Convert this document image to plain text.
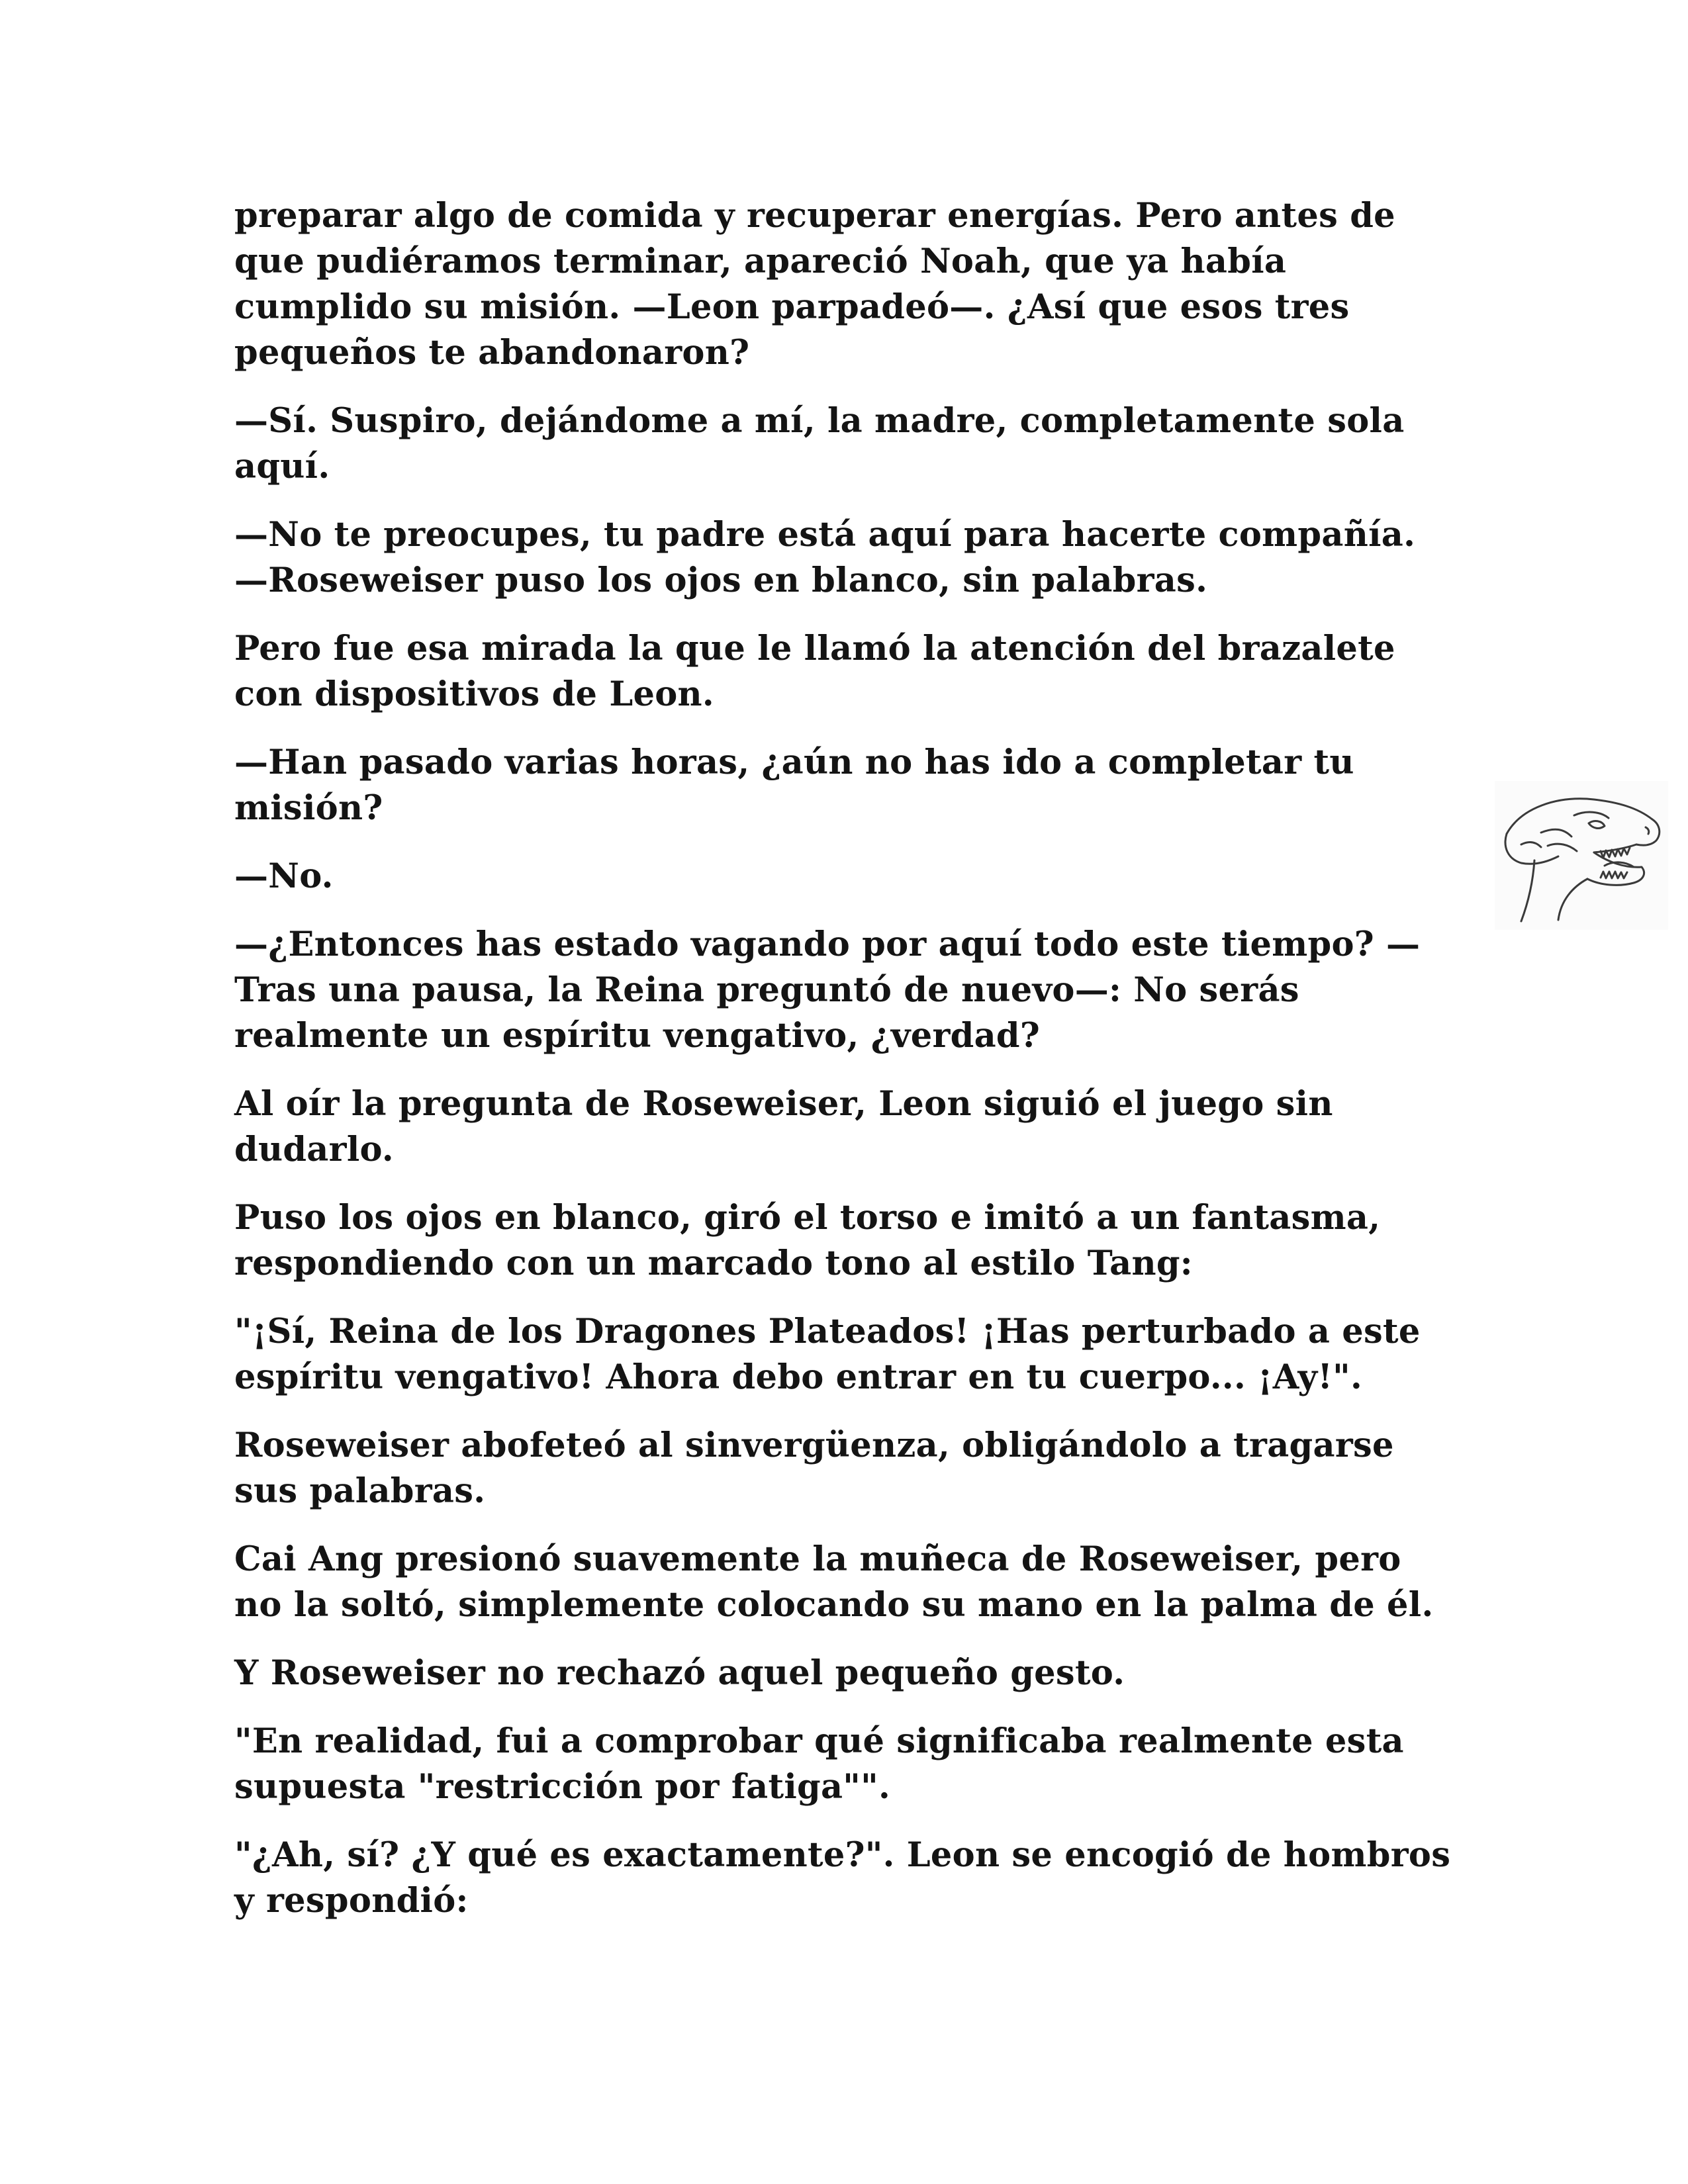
preparar algo de comida y recuperar energías. Pero antes de
que pudiéramos terminar, apareció Noah, que ya había
cumplido su misión. —Leon parpadeó—. ¿Así que esos tres
pequeños te abandonaron?

—Sí. Suspiro, dejándome a mí, la madre, completamente sola
aquí.

—No te preocupes, tu padre está aquí para hacerte compañía.
—Roseweiser puso los ojos en blanco, sin palabras.

Pero fue esa mirada la que le llamó la atención del brazalete
con dispositivos de Leon.

—Han pasado varias horas, ¿aún no has ido a completar tu
misión?

—No.

—¿Entonces has estado vagando por aquí todo este tiempo? —
Tras una pausa, la Reina preguntó de nuevo—: No serás
realmente un espíritu vengativo, ¿verdad?

Al oír la pregunta de Roseweiser, Leon siguió el juego sin
dudarlo.

Puso los ojos en blanco, giró el torso e imitó a un fantasma,
respondiendo con un marcado tono al estilo Tang:

"¡Sí, Reina de los Dragones Plateados! ¡Has perturbado a este
espíritu vengativo! Ahora debo entrar en tu cuerpo... ¡Ay!".

Roseweiser abofeteó al sinvergüenza, obligándolo a tragarse
sus palabras.

Cai Ang presionó suavemente la muñeca de Roseweiser, pero
no la soltó, simplemente colocando su mano en la palma de él.

Y Roseweiser no rechazó aquel pequeño gesto.

"En realidad, fui a comprobar qué significaba realmente esta
supuesta "restricción por fatiga"".

"¿Ah, sí? ¿Y qué es exactamente?". Leon se encogió de hombros
y respondió:
